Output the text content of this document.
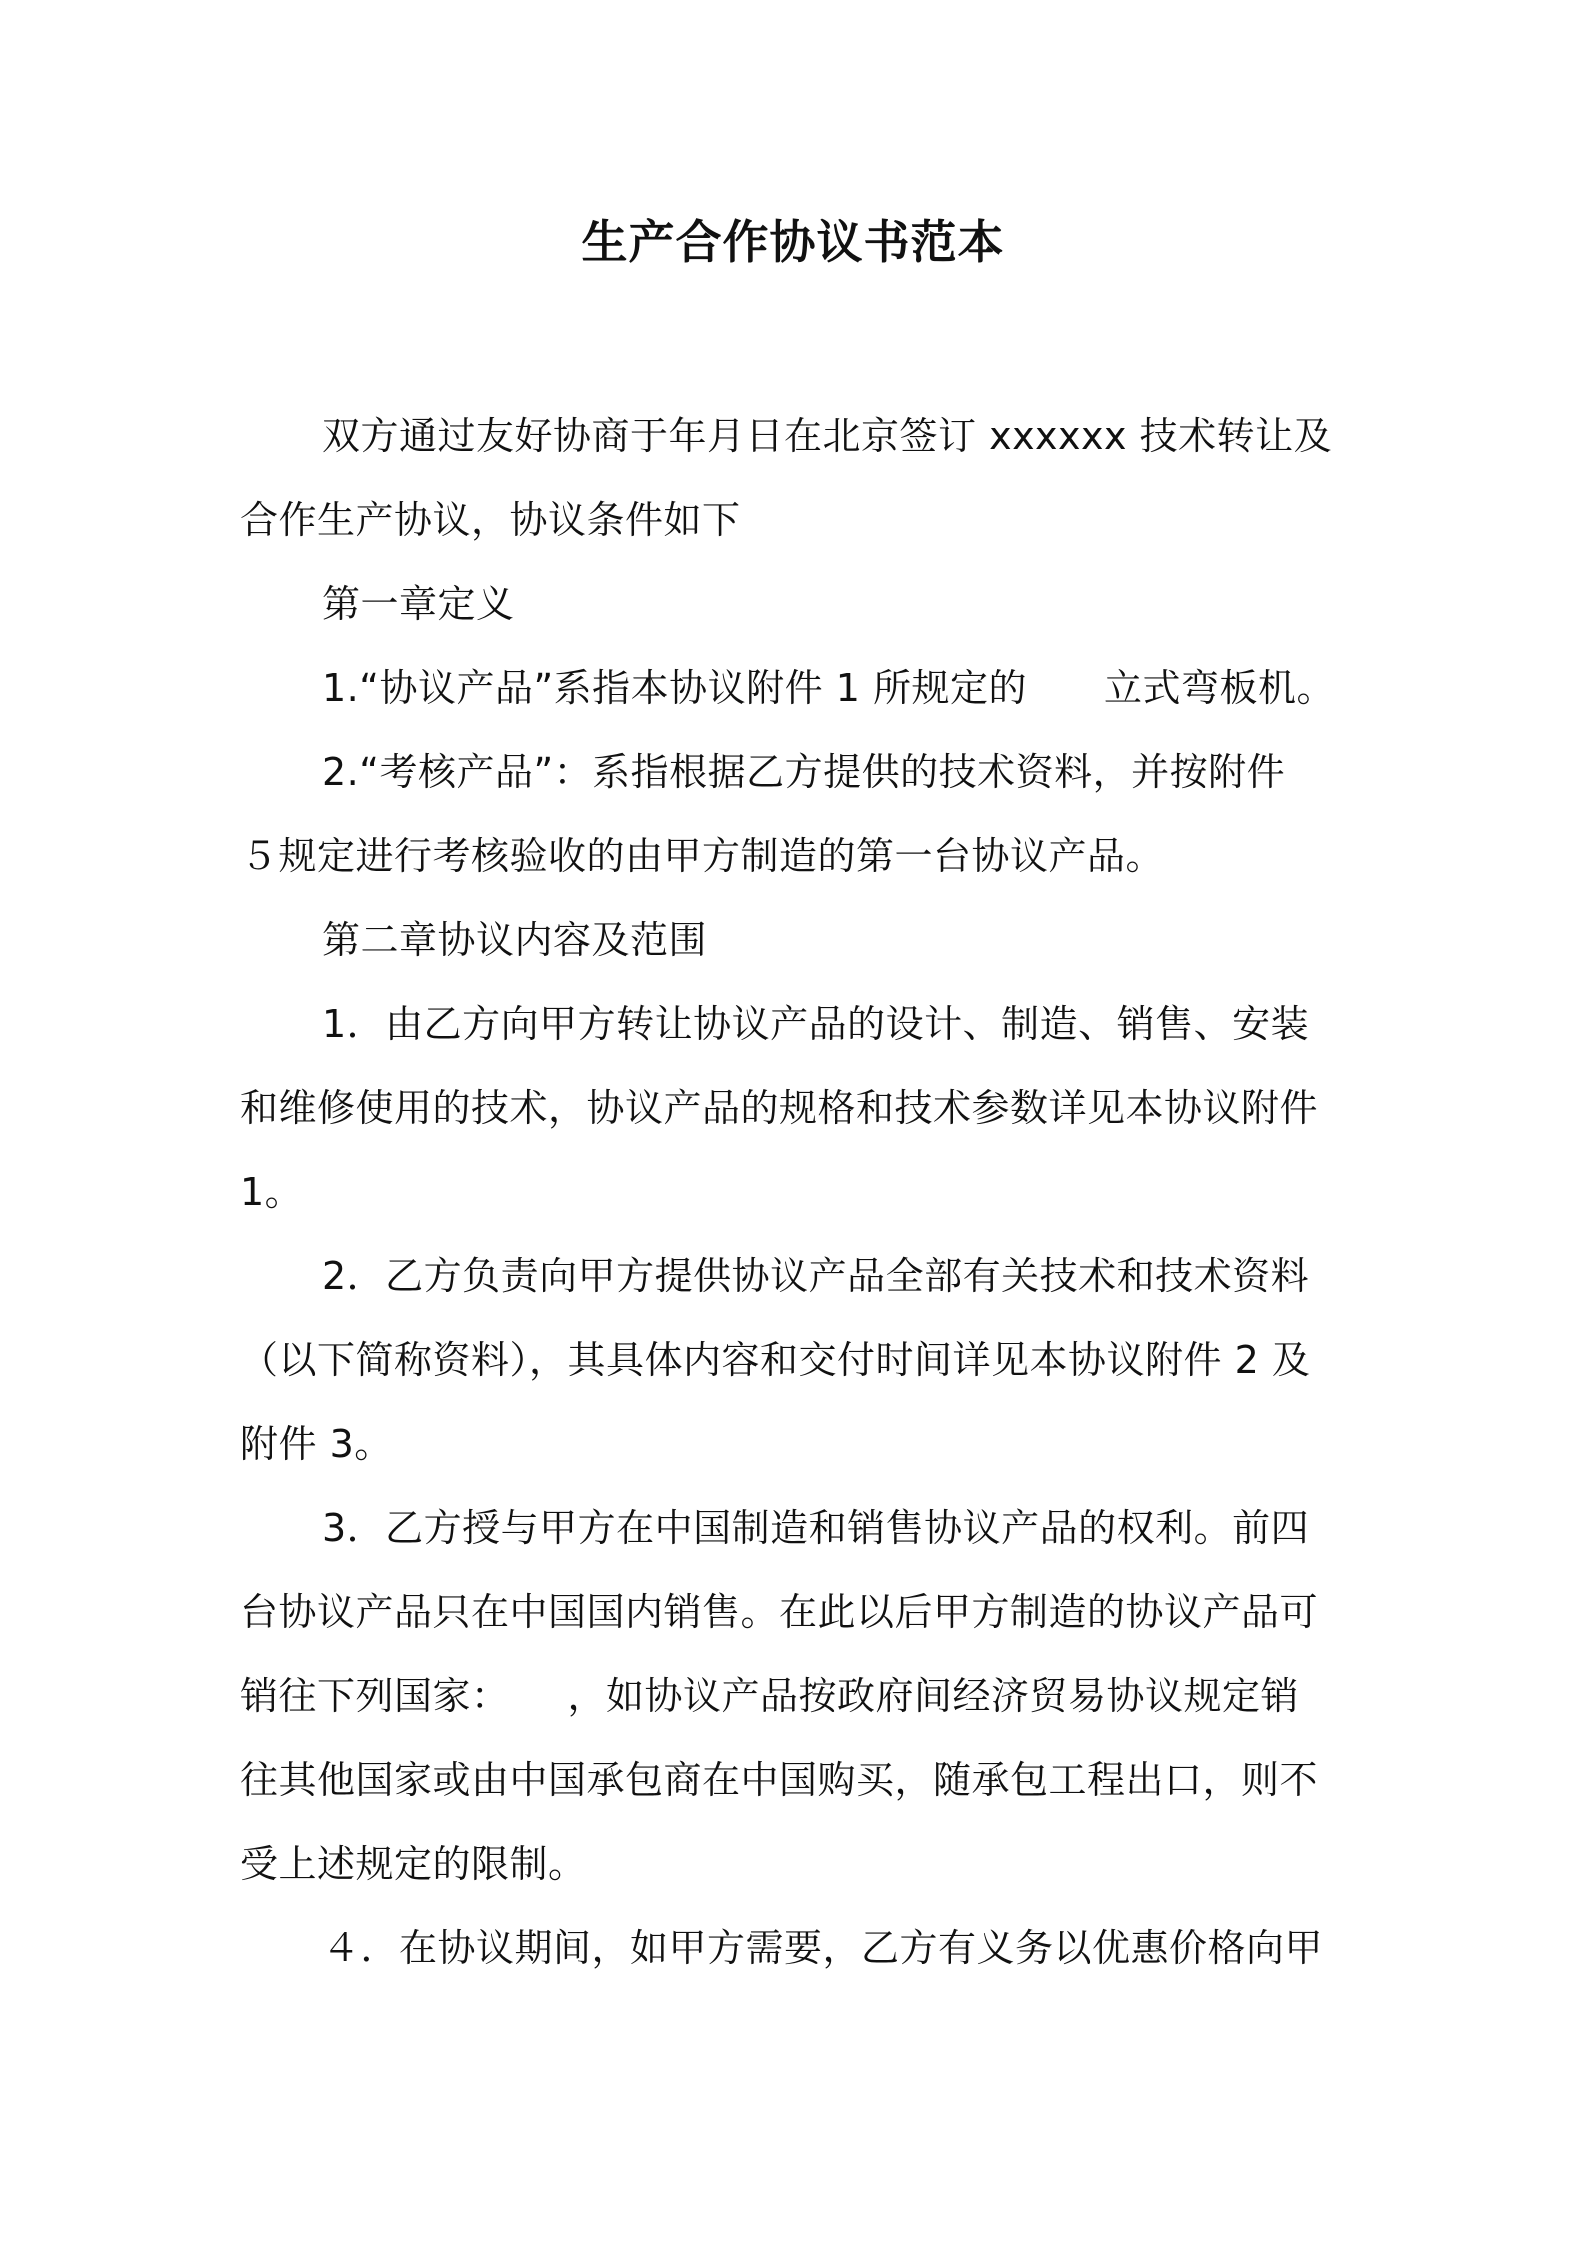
生产合作协议书范本
双方通过友好协商于年月日在北京签订 xxxxxx 技术转让及
合作生产协议，协议条件如下
第一章定义
1.“协议产品”系指本协议附件 1 所规定的　　立式弯板机。
2.“考核产品”：系指根据乙方提供的技术资料，并按附件
５规定进行考核验收的由甲方制造的第一台协议产品。
第二章协议内容及范围
1．由乙方向甲方转让协议产品的设计、制造、销售、安装
和维修使用的技术，协议产品的规格和技术参数详见本协议附件
1。
2．乙方负责向甲方提供协议产品全部有关技术和技术资料
（以下简称资料），其具体内容和交付时间详见本协议附件 2 及
附件 3。
3．乙方授与甲方在中国制造和销售协议产品的权利。前四
台协议产品只在中国国内销售。在此以后甲方制造的协议产品可
销往下列国家：　　，如协议产品按政府间经济贸易协议规定销
往其他国家或由中国承包商在中国购买，随承包工程出口，则不
受上述规定的限制。
４．在协议期间，如甲方需要，乙方有义务以优惠价格向甲
